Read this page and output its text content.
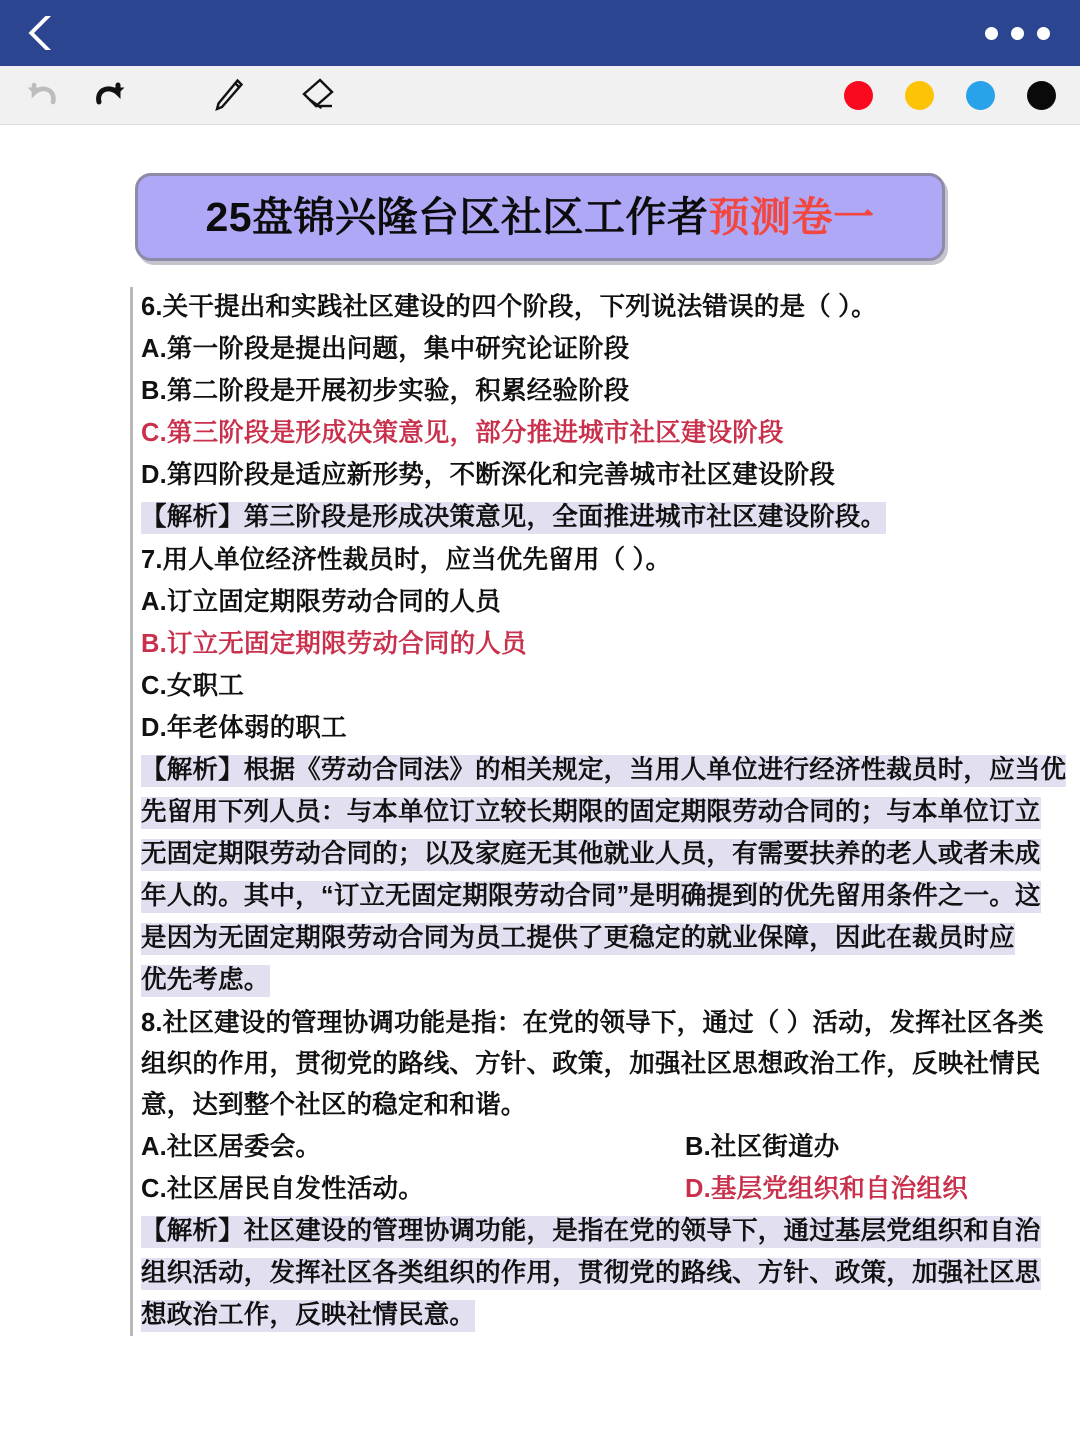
25盘锦兴隆台区社区工作者预测卷一
6.关干提出和实践社区建设的四个阶段，下列说法错误的是（ ）。
A.第一阶段是提出问题，集中研究论证阶段
B.第二阶段是开展初步实验，积累经验阶段
C.第三阶段是形成决策意见，部分推进城市社区建设阶段
D.第四阶段是适应新形势，不断深化和完善城市社区建设阶段
【解析】第三阶段是形成决策意见，全面推进城市社区建设阶段。
7.用人单位经济性裁员时，应当优先留用（ ）。
A.订立固定期限劳动合同的人员
B.订立无固定期限劳动合同的人员
C.女职工
D.年老体弱的职工
【解析】根据《劳动合同法》的相关规定，当用人单位进行经济性裁员时，应当优
先留用下列人员：与本单位订立较长期限的固定期限劳动合同的；与本单位订立
无固定期限劳动合同的；以及家庭无其他就业人员，有需要扶养的老人或者未成
年人的。其中，“订立无固定期限劳动合同”是明确提到的优先留用条件之一。这
是因为无固定期限劳动合同为员工提供了更稳定的就业保障，因此在裁员时应
优先考虑。
8.社区建设的管理协调功能是指：在党的领导下，通过（ ）活动，发挥社区各类
组织的作用，贯彻党的路线、方针、政策，加强社区思想政治工作，反映社情民
意，达到整个社区的稳定和和谐。
A.社区居委会。	B.社区街道办
C.社区居民自发性活动。	D.基层党组织和自治组织
【解析】社区建设的管理协调功能，是指在党的领导下，通过基层党组织和自治
组织活动，发挥社区各类组织的作用，贯彻党的路线、方针、政策，加强社区思
想政治工作，反映社情民意。
